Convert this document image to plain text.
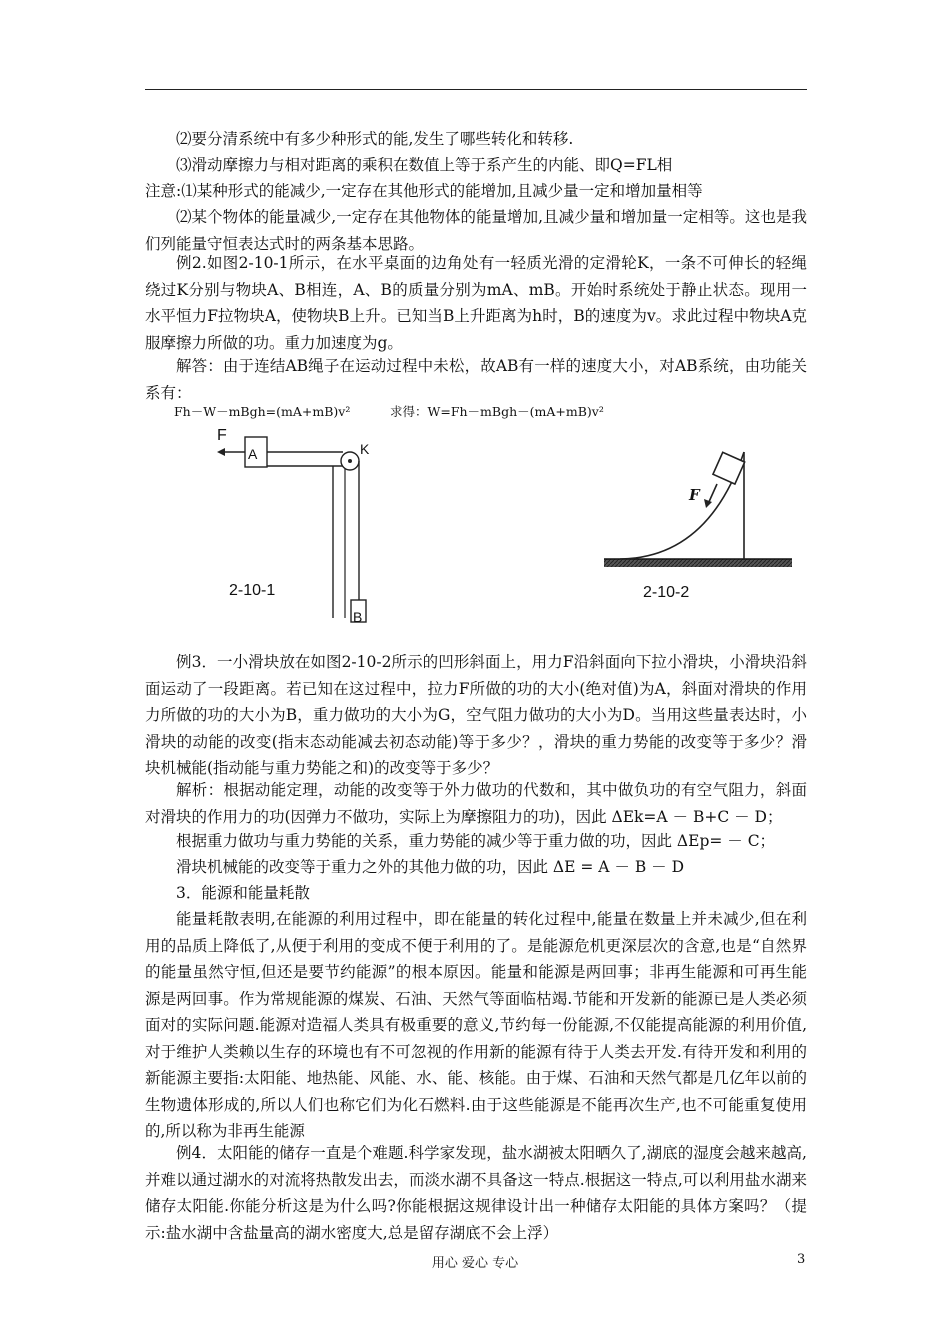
⑵要分清系统中有多少种形式的能,发生了哪些转化和转移.

⑶滑动摩擦力与相对距离的乘积在数值上等于系产生的内能、即Q=FL相

注意:⑴某种形式的能减少,一定存在其他形式的能增加,且减少量一定和增加量相等

⑵某个物体的能量减少,一定存在其他物体的能量增加,且减少量和增加量一定相等。这也是我们列能量守恒表达式时的两条基本思路。

例2.如图2-10-1所示，在水平桌面的边角处有一轻质光滑的定滑轮K，一条不可伸长的轻绳绕过K分别与物块A、B相连，A、B的质量分别为mA、mB。开始时系统处于静止状态。现用一水平恒力F拉物块A，使物块B上升。已知当B上升距离为h时，B的速度为v。求此过程中物块A克服摩擦力所做的功。重力加速度为g。

解答：由于连结AB绳子在运动过程中未松，故AB有一样的速度大小，对AB系统，由功能关系有：

Fh－W－mBgh=(mA+mB)v²	求得：W=Fh－mBgh－(mA+mB)v²
F
A	K
B
2-10-1
F
2-10-2

例3．一小滑块放在如图2-10-2所示的凹形斜面上，用力F沿斜面向下拉小滑块，小滑块沿斜面运动了一段距离。若已知在这过程中，拉力F所做的功的大小(绝对值)为A，斜面对滑块的作用力所做的功的大小为B，重力做功的大小为G，空气阻力做功的大小为D。当用这些量表达时，小滑块的动能的改变(指末态动能减去初态动能)等于多少？，滑块的重力势能的改变等于多少？滑块机械能(指动能与重力势能之和)的改变等于多少？

解析：根据动能定理，动能的改变等于外力做功的代数和，其中做负功的有空气阻力，斜面对滑块的作用力的功(因弹力不做功，实际上为摩擦阻力的功)，因此 ΔEk=A － B+C － D；

根据重力做功与重力势能的关系，重力势能的减少等于重力做的功，因此 ΔEp= － C；

滑块机械能的改变等于重力之外的其他力做的功，因此 ΔE = A － B － D

3．能源和能量耗散

能量耗散表明,在能源的利用过程中，即在能量的转化过程中,能量在数量上并未减少,但在利用的品质上降低了,从便于利用的变成不便于利用的了。是能源危机更深层次的含意,也是“自然界的能量虽然守恒,但还是要节约能源”的根本原因。能量和能源是两回事；非再生能源和可再生能源是两回事。作为常规能源的煤炭、石油、天然气等面临枯竭.节能和开发新的能源已是人类必须面对的实际问题.能源对造福人类具有极重要的意义,节约每一份能源,不仅能提高能源的利用价值,对于维护人类赖以生存的环境也有不可忽视的作用新的能源有待于人类去开发.有待开发和利用的新能源主要指:太阳能、地热能、风能、水、能、核能。由于煤、石油和天然气都是几亿年以前的生物遗体形成的,所以人们也称它们为化石燃料.由于这些能源是不能再次生产,也不可能重复使用的,所以称为非再生能源

例4．太阳能的储存一直是个难题.科学家发现，盐水湖被太阳晒久了,湖底的湿度会越来越高,并难以通过湖水的对流将热散发出去，而淡水湖不具备这一特点.根据这一特点,可以利用盐水湖来储存太阳能.你能分析这是为什么吗?你能根据这规律设计出一种储存太阳能的具体方案吗？（提示:盐水湖中含盐量高的湖水密度大,总是留存湖底不会上浮）

用心 爱心 专心	3
